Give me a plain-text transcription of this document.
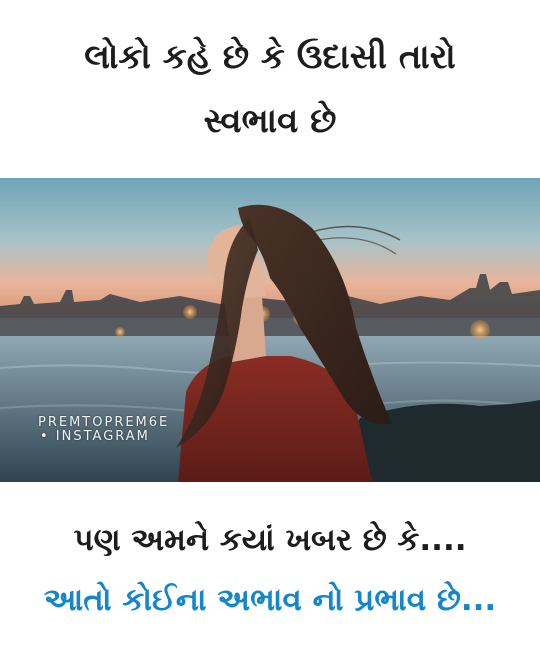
લોકો કહે છે કે ઉદાસી તારો
સ્વભાવ છે
PREMTOPREM6E
• INSTAGRAM
પણ અમને કયાં ખબર છે કે....
આતો કોઈના અભાવ નો પ્રભાવ છે...
